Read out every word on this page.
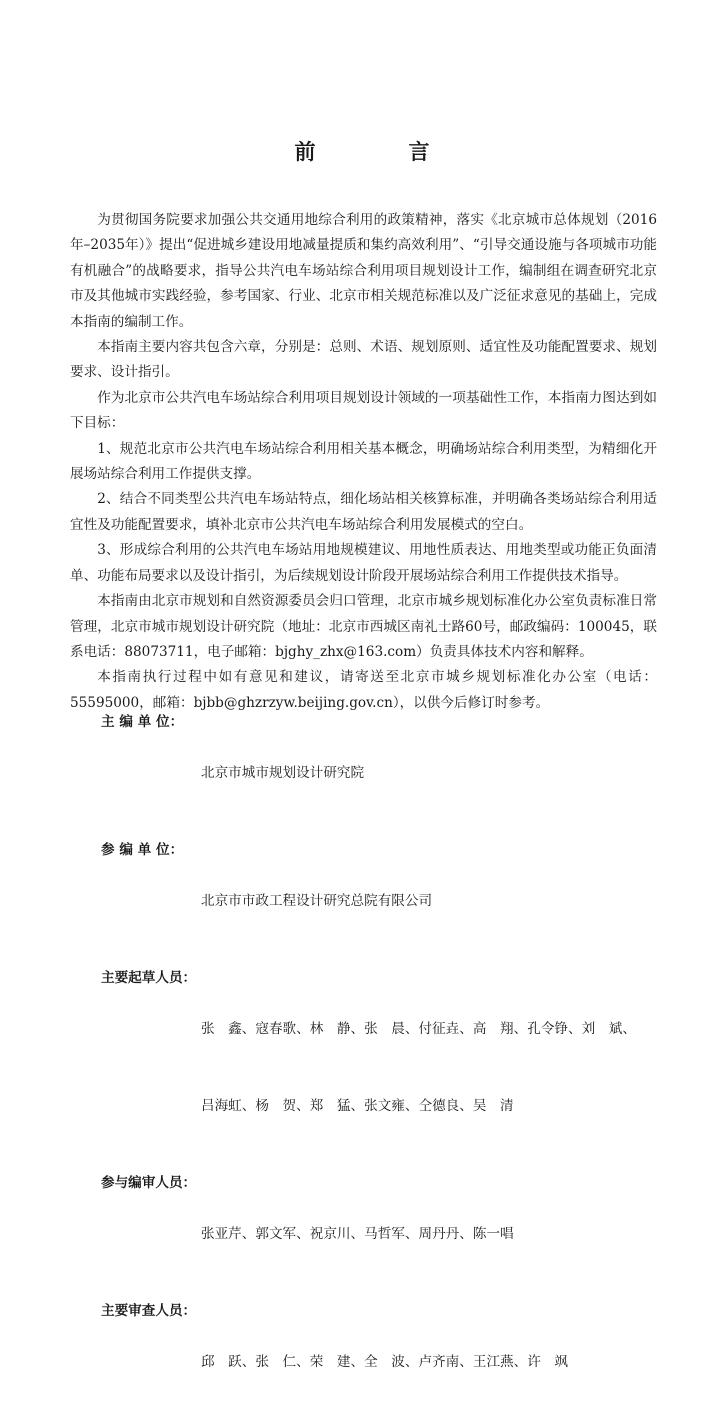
前　言

为贯彻国务院要求加强公共交通用地综合利用的政策精神，落实《北京城市总体规划（2016年–2035年）》提出“促进城乡建设用地减量提质和集约高效利用”、“引导交通设施与各项城市功能有机融合”的战略要求，指导公共汽电车场站综合利用项目规划设计工作，编制组在调查研究北京市及其他城市实践经验，参考国家、行业、北京市相关规范标准以及广泛征求意见的基础上，完成本指南的编制工作。

本指南主要内容共包含六章，分别是：总则、术语、规划原则、适宜性及功能配置要求、规划要求、设计指引。

作为北京市公共汽电车场站综合利用项目规划设计领域的一项基础性工作，本指南力图达到如下目标：

1、规范北京市公共汽电车场站综合利用相关基本概念，明确场站综合利用类型，为精细化开展场站综合利用工作提供支撑。

2、结合不同类型公共汽电车场站特点，细化场站相关核算标准，并明确各类场站综合利用适宜性及功能配置要求，填补北京市公共汽电车场站综合利用发展模式的空白。

3、形成综合利用的公共汽电车场站用地规模建议、用地性质表达、用地类型或功能正负面清单、功能布局要求以及设计指引，为后续规划设计阶段开展场站综合利用工作提供技术指导。

本指南由北京市规划和自然资源委员会归口管理，北京市城乡规划标准化办公室负责标准日常管理，北京市城市规划设计研究院（地址：北京市西城区南礼士路60号，邮政编码：100045，联系电话：88073711，电子邮箱：bjghy_zhx@163.com）负责具体技术内容和解释。

本指南执行过程中如有意见和建议，请寄送至北京市城乡规划标准化办公室（电话：55595000，邮箱：bjbb@ghzrzyw.beijing.gov.cn），以供今后修订时参考。

主 编 单 位：

北京市城市规划设计研究院

参 编 单 位：

北京市市政工程设计研究总院有限公司

主要起草人员：

张　鑫、寇春歌、林　静、张　晨、付征垚、高　翔、孔令铮、刘　斌、

吕海虹、杨　贺、郑　猛、张文雍、仝德良、吴　清

参与编审人员：

张亚芹、郭文军、祝京川、马哲军、周丹丹、陈一唱

主要审查人员：

邱　跃、张　仁、荣　建、全　波、卢齐南、王江燕、许　飒
